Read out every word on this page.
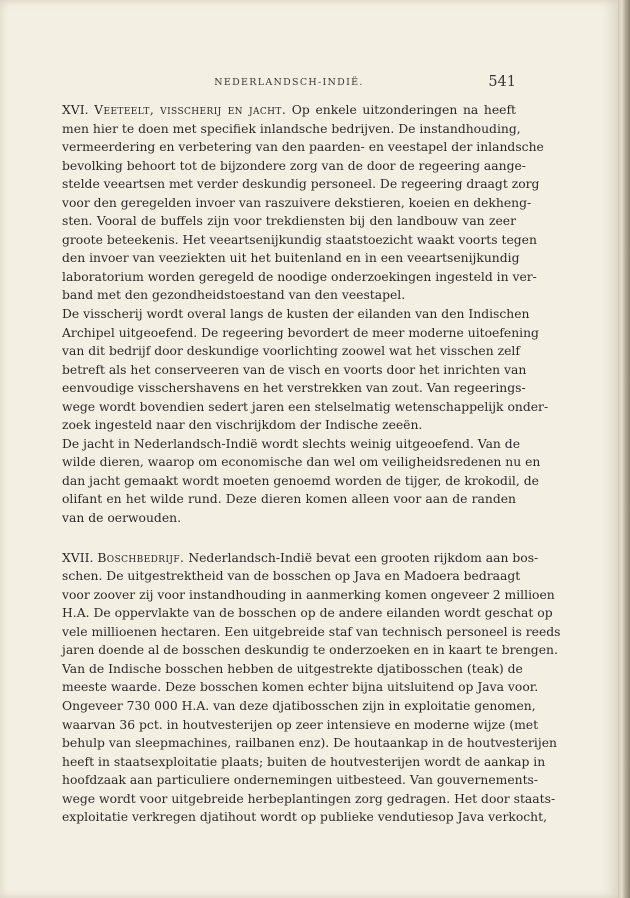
NEDERLANDSCH-INDIË.	541
XVI. Veeteelt, visscherij en jacht. Op enkele uitzonderingen na heeft
men hier te doen met specifiek inlandsche bedrijven. De instandhouding,
vermeerdering en verbetering van den paarden- en veestapel der inlandsche
bevolking behoort tot de bijzondere zorg van de door de regeering aange-
stelde veeartsen met verder deskundig personeel. De regeering draagt zorg
voor den geregelden invoer van raszuivere dekstieren, koeien en dekheng-
sten. Vooral de buffels zijn voor trekdiensten bij den landbouw van zeer
groote beteekenis. Het veeartsenijkundig staatstoezicht waakt voorts tegen
den invoer van veeziekten uit het buitenland en in een veeartsenijkundig
laboratorium worden geregeld de noodige onderzoekingen ingesteld in ver-
band met den gezondheidstoestand van den veestapel.
De visscherij wordt overal langs de kusten der eilanden van den Indischen
Archipel uitgeoefend. De regeering bevordert de meer moderne uitoefening
van dit bedrijf door deskundige voorlichting zoowel wat het visschen zelf
betreft als het conserveeren van de visch en voorts door het inrichten van
eenvoudige visschershavens en het verstrekken van zout. Van regeerings-
wege wordt bovendien sedert jaren een stelselmatig wetenschappelijk onder-
zoek ingesteld naar den vischrijkdom der Indische zeeën.
De jacht in Nederlandsch-Indië wordt slechts weinig uitgeoefend. Van de
wilde dieren, waarop om economische dan wel om veiligheidsredenen nu en
dan jacht gemaakt wordt moeten genoemd worden de tijger, de krokodil, de
olifant en het wilde rund. Deze dieren komen alleen voor aan de randen
van de oerwouden.
XVII. Boschbedrijf. Nederlandsch-Indië bevat een grooten rijkdom aan bos-
schen. De uitgestrektheid van de bosschen op Java en Madoera bedraagt
voor zoover zij voor instandhouding in aanmerking komen ongeveer 2 millioen
H.A. De oppervlakte van de bosschen op de andere eilanden wordt geschat op
vele millioenen hectaren. Een uitgebreide staf van technisch personeel is reeds
jaren doende al de bosschen deskundig te onderzoeken en in kaart te brengen.
Van de Indische bosschen hebben de uitgestrekte djatibosschen (teak) de
meeste waarde. Deze bosschen komen echter bijna uitsluitend op Java voor.
Ongeveer 730 000 H.A. van deze djatibosschen zijn in exploitatie genomen,
waarvan 36 pct. in houtvesterijen op zeer intensieve en moderne wijze (met
behulp van sleepmachines, railbanen enz). De houtaankap in de houtvesterijen
heeft in staatsexploitatie plaats; buiten de houtvesterijen wordt de aankap in
hoofdzaak aan particuliere ondernemingen uitbesteed. Van gouvernements-
wege wordt voor uitgebreide herbeplantingen zorg gedragen. Het door staats-
exploitatie verkregen djatihout wordt op publieke vendutiesop Java verkocht,
